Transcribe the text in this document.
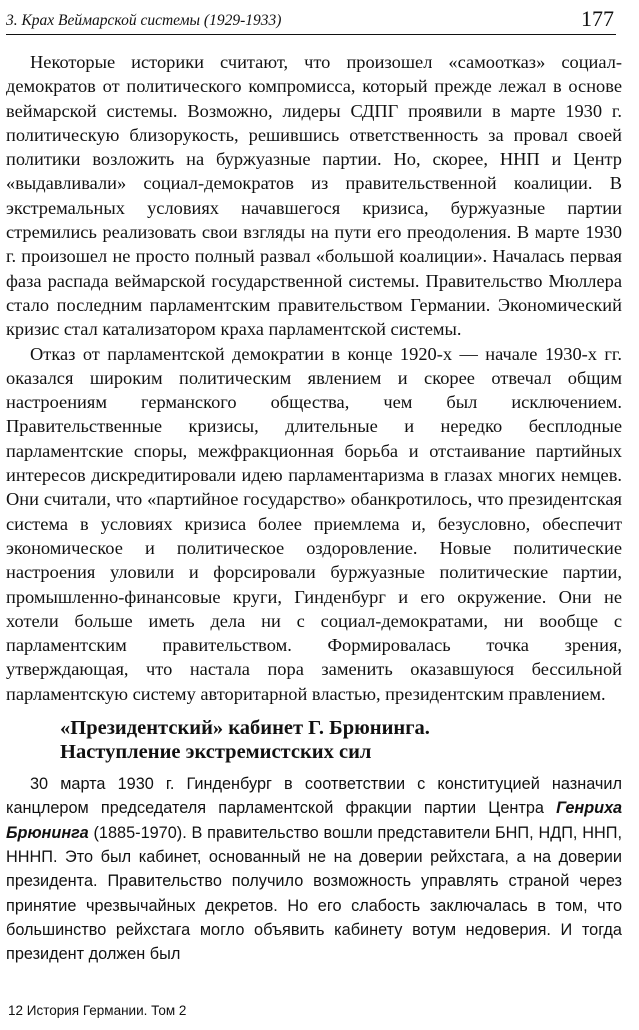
3. Крах Веймарской системы (1929-1933)	177

Некоторые историки считают, что произошел «самоотказ» социал-демократов от политического компромисса, который прежде лежал в основе веймарской системы. Возможно, лидеры СДПГ проявили в марте 1930 г. политическую близорукость, решившись ответственность за провал своей политики возложить на буржуазные партии. Но, скорее, ННП и Центр «выдавливали» социал-демократов из правительственной коалиции. В экстремальных условиях начавшегося кризиса, буржуазные партии стремились реализовать свои взгляды на пути его преодоления. В марте 1930 г. произошел не просто полный развал «большой коалиции». Началась первая фаза распада веймарской государственной системы. Правительство Мюллера стало последним парламентским правительством Германии. Экономический кризис стал катализатором краха парламентской системы.

Отказ от парламентской демократии в конце 1920-х — начале 1930-х гг. оказался широким политическим явлением и скорее отвечал общим настроениям германского общества, чем был исключением. Правительственные кризисы, длительные и нередко бесплодные парламентские споры, межфракционная борьба и отстаивание партийных интересов дискредитировали идею парламентаризма в глазах многих немцев. Они считали, что «партийное государство» обанкротилось, что президентская система в условиях кризиса более приемлема и, безусловно, обеспечит экономическое и политическое оздоровление. Новые политические настроения уловили и форсировали буржуазные политические партии, промышленно-финансовые круги, Гинденбург и его окружение. Они не хотели больше иметь дела ни с социал-демократами, ни вообще с парламентским правительством. Формировалась точка зрения, утверждающая, что настала пора заменить оказавшуюся бессильной парламентскую систему авторитарной властью, президентским правлением.

«Президентский» кабинет Г. Брюнинга.
Наступление экстремистских сил

30 марта 1930 г. Гинденбург в соответствии с конституцией назначил канцлером председателя парламентской фракции партии Центра Генриха Брюнинга (1885-1970). В правительство вошли представители БНП, НДП, ННП, НННП. Это был кабинет, основанный не на доверии рейхстага, а на доверии президента. Правительство получило возможность управлять страной через принятие чрезвычайных декретов. Но его слабость заключалась в том, что большинство рейхстага могло объявить кабинету вотум недоверия. И тогда президент должен был

12 История Германии. Том 2
